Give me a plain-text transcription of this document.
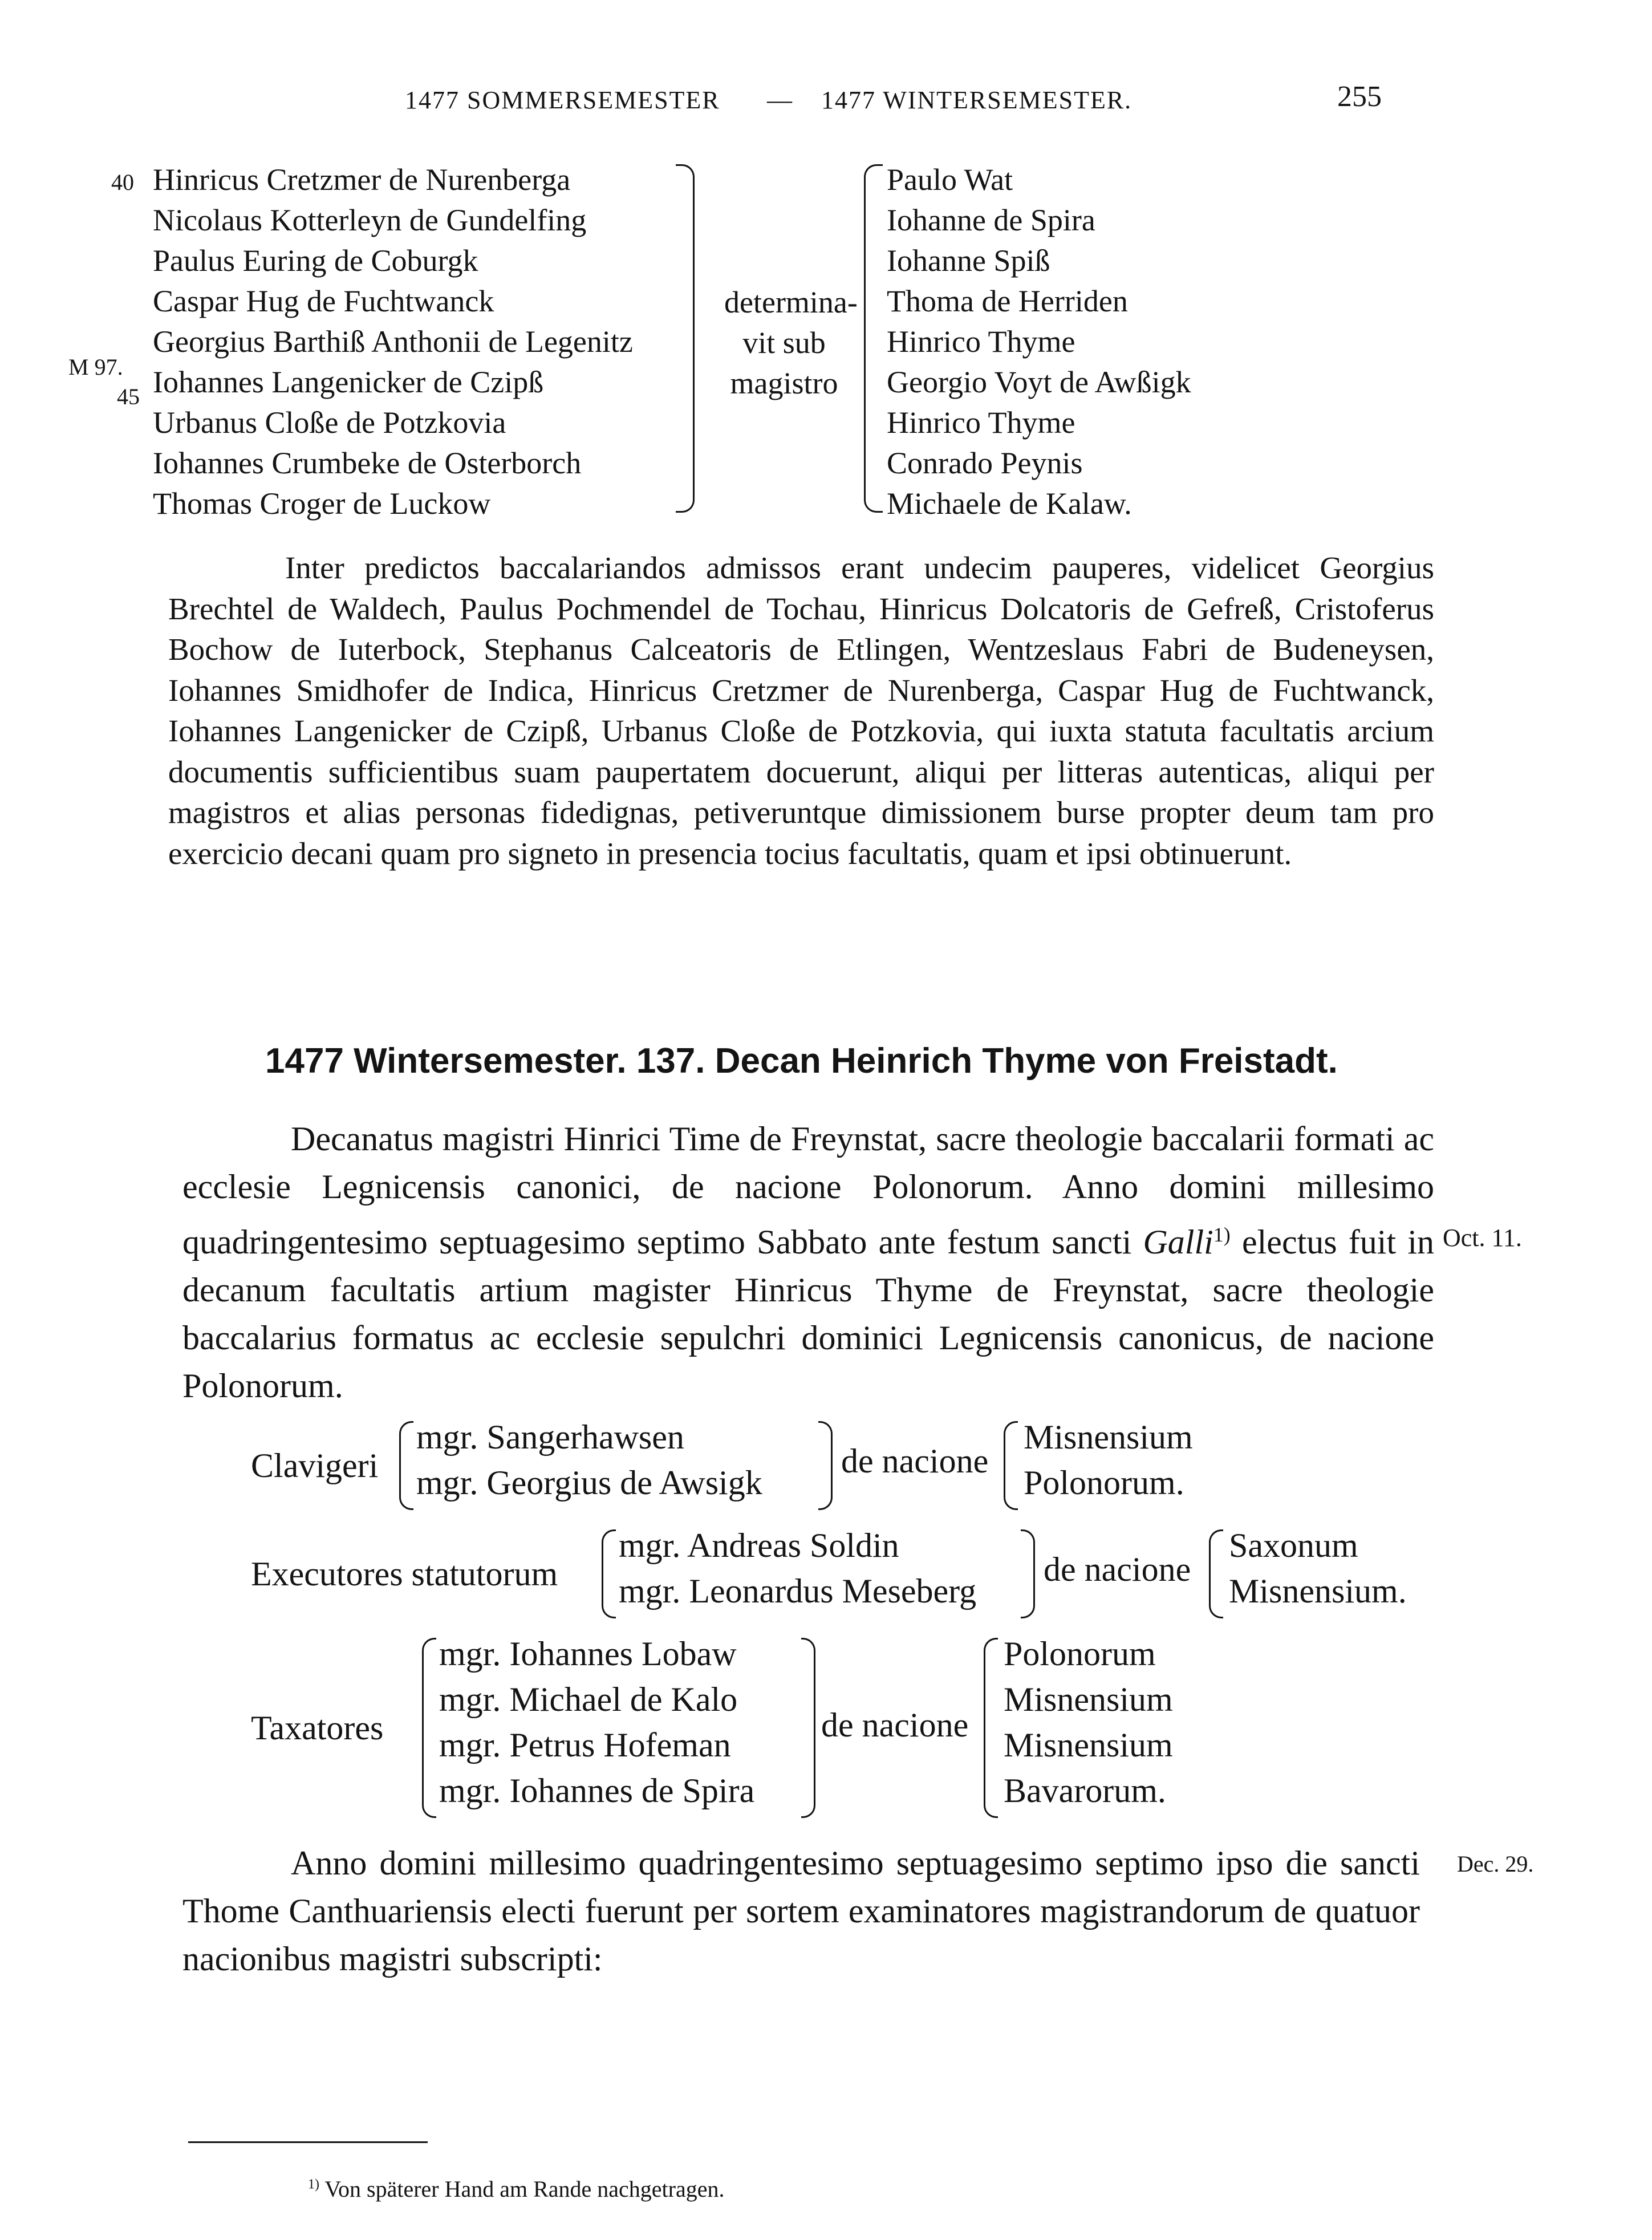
1477 SOMMERSEMESTER — 1477 WINTERSEMESTER.	255
40
M 97.
45
Hinricus Cretzmer de Nurenberga
Nicolaus Kotterleyn de Gundelfing
Paulus Euring de Coburgk
Caspar Hug de Fuchtwanck
Georgius Barthiß Anthonii de Legenitz
Iohannes Langenicker de Czipß
Urbanus Cloße de Potzkovia
Iohannes Crumbeke de Osterborch
Thomas Croger de Luckow
determina-
vit sub
magistro
Paulo Wat
Iohanne de Spira
Iohanne Spiß
Thoma de Herriden
Hinrico Thyme
Georgio Voyt de Awßigk
Hinrico Thyme
Conrado Peynis
Michaele de Kalaw.

Inter predictos baccalariandos admissos erant undecim pauperes, videlicet Georgius Brechtel de Waldech, Paulus Pochmendel de Tochau, Hinricus Dolcatoris de Gefreß, Cristoferus Bochow de Iuterbock, Stephanus Calceatoris de Etlingen, Wentzeslaus Fabri de Budeneysen, Iohannes Smidhofer de Indica, Hinricus Cretzmer de Nurenberga, Caspar Hug de Fuchtwanck, Iohannes Langenicker de Czipß, Urbanus Cloße de Potzkovia, qui iuxta statuta facultatis arcium documentis sufficientibus suam paupertatem docuerunt, aliqui per litteras autenticas, aliqui per magistros et alias personas fidedignas, petiveruntque dimissionem burse propter deum tam pro exercicio decani quam pro signeto in presencia tocius facultatis, quam et ipsi obtinuerunt.

1477 Wintersemester. 137. Decan Heinrich Thyme von Freistadt.

Decanatus magistri Hinrici Time de Freynstat, sacre theologie baccalarii formati ac ecclesie Legnicensis canonici, de nacione Polonorum. Anno domini millesimo quadringentesimo septuagesimo septimo Sabbato ante festum sancti Galli$^{1)}$ electus fuit in decanum facultatis artium magister Hinricus Thyme de Freynstat, sacre theologie baccalarius formatus ac ecclesie sepulchri dominici Legnicensis canonicus, de nacione Polonorum.

Oct. 11.
Clavigeri
mgr. Sangerhawsen
mgr. Georgius de Awsigk
de nacione
Misnensium
Polonorum.
Executores statutorum
mgr. Andreas Soldin
mgr. Leonardus Meseberg
de nacione
Saxonum
Misnensium.
Taxatores
mgr. Iohannes Lobaw
mgr. Michael de Kalo
mgr. Petrus Hofeman
mgr. Iohannes de Spira
de nacione
Polonorum
Misnensium
Misnensium
Bavarorum.

Anno domini millesimo quadringentesimo septuagesimo septimo ipso die sancti Thome Canthuariensis electi fuerunt per sortem examinatores magistrandorum de quatuor nacionibus magistri subscripti:

Dec. 29.
$^{1)}$ Von späterer Hand am Rande nachgetragen.
